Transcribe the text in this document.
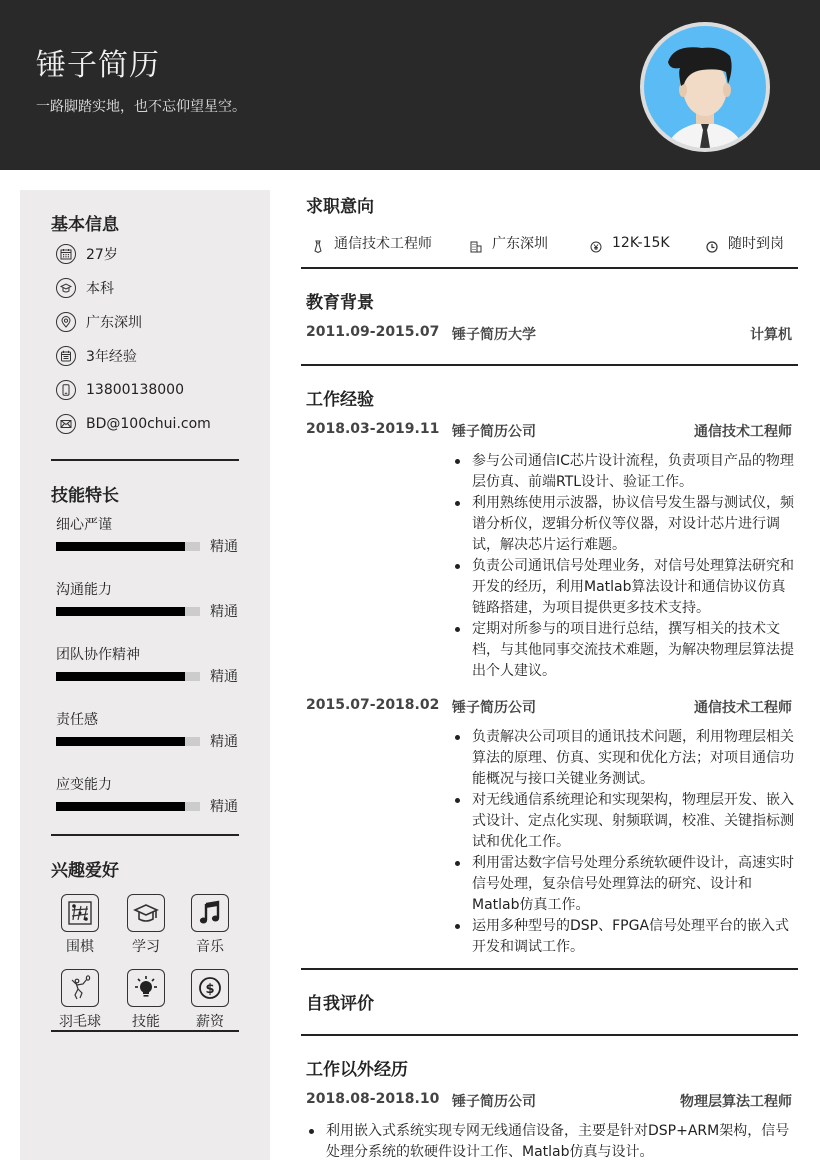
锤子简历
一路脚踏实地，也不忘仰望星空。
基本信息
27岁
本科
广东深圳
3年经验
13800138000
BD@100chui.com
技能特长
细心严谨
精通
沟通能力
精通
团队协作精神
精通
责任感
精通
应变能力
精通
兴趣爱好
围棋	学习	音乐
羽毛球	技能
$
薪资
求职意向
通信技术工程师	广东深圳	12K-15K	随时到岗
教育背景
2011.09-2015.07 锤子简历大学	计算机
工作经验
2018.03-2019.11 锤子简历公司	通信技术工程师
参与公司通信IC芯片设计流程，负责项目产品的物理层仿真、前端RTL设计、验证工作。
利用熟练使用示波器，协议信号发生器与测试仪，频谱分析仪，逻辑分析仪等仪器，对设计芯片进行调试，解决芯片运行难题。
负责公司通讯信号处理业务，对信号处理算法研究和开发的经历，利用Matlab算法设计和通信协议仿真链路搭建，为项目提供更多技术支持。
定期对所参与的项目进行总结，撰写相关的技术文档，与其他同事交流技术难题，为解决物理层算法提出个人建议。
2015.07-2018.02 锤子简历公司	通信技术工程师
负责解决公司项目的通讯技术问题，利用物理层相关算法的原理、仿真、实现和优化方法；对项目通信功能概况与接口关键业务测试。
对无线通信系统理论和实现架构，物理层开发、嵌入式设计、定点化实现、射频联调，校准、关键指标测试和优化工作。
利用雷达数字信号处理分系统软硬件设计，高速实时信号处理，复杂信号处理算法的研究、设计和Matlab仿真工作。
运用多种型号的DSP、FPGA信号处理平台的嵌入式开发和调试工作。
自我评价
工作以外经历
2018.08-2018.10 锤子简历公司	物理层算法工程师
利用嵌入式系统实现专网无线通信设备，主要是针对DSP+ARM架构，信号处理分系统的软硬件设计工作、Matlab仿真与设计。
